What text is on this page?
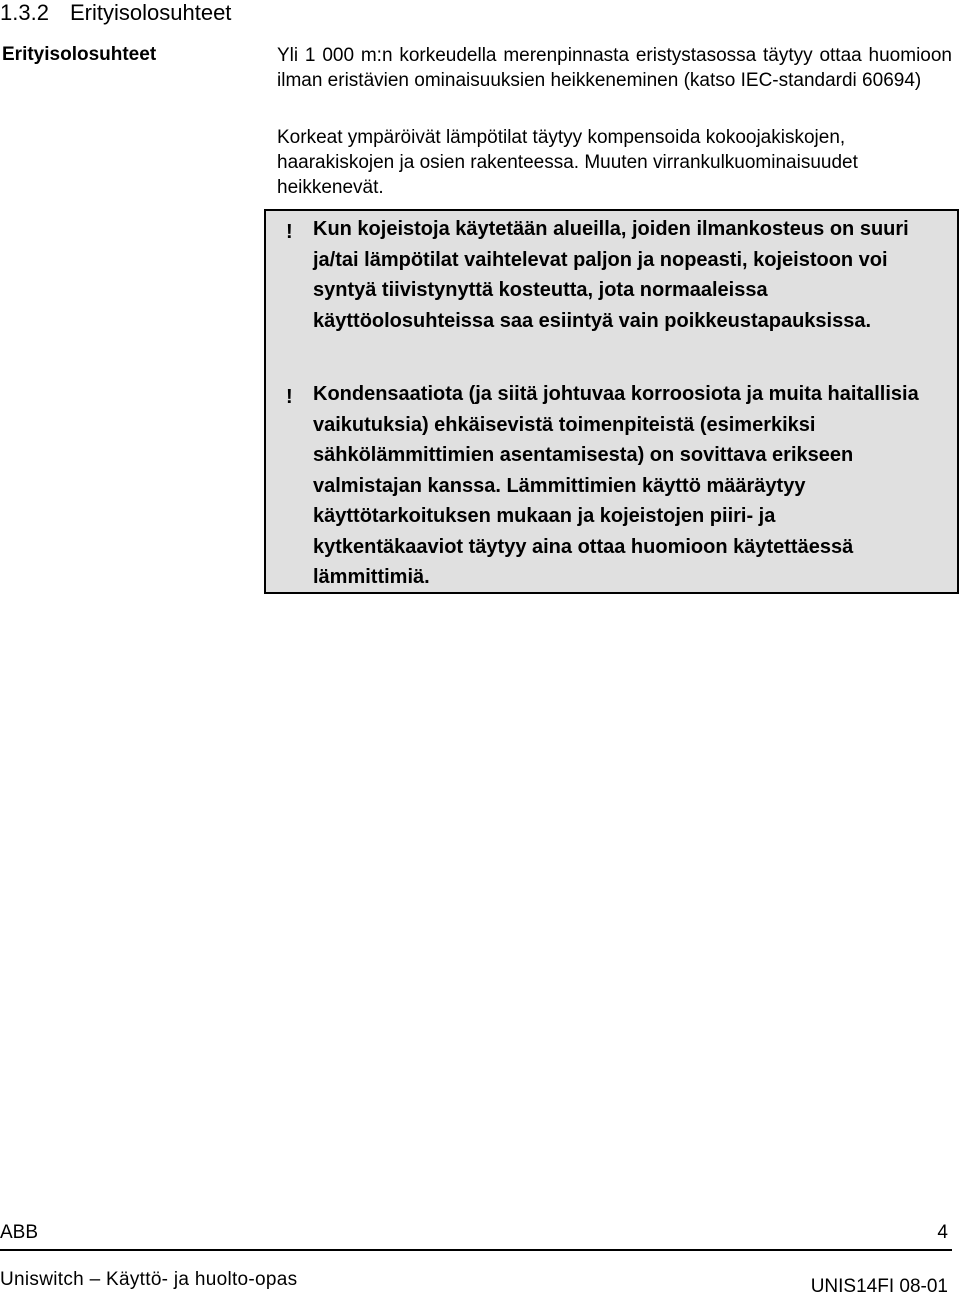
1.3.2 Erityisolosuhteet
Erityisolosuhteet	Yli 1 000 m:n korkeudella merenpinnasta eristystasossa täytyy ottaa huomioon ilman eristävien ominaisuuksien heikkeneminen (katso IEC-standardi 60694)

Korkeat ympäröivät lämpötilat täytyy kompensoida kokoojakiskojen, haarakiskojen ja osien rakenteessa. Muuten virrankulkuominaisuudet heikkenevät.

!	Kun kojeistoja käytetään alueilla, joiden ilmankosteus on suuri ja/tai lämpötilat vaihtelevat paljon ja nopeasti, kojeistoon voi syntyä tiivistynyttä kosteutta, jota normaaleissa käyttöolosuhteissa saa esiintyä vain poikkeustapauksissa.

!	Kondensaatiota (ja siitä johtuvaa korroosiota ja muita haitallisia vaikutuksia) ehkäisevistä toimenpiteistä (esimerkiksi sähkölämmittimien asentamisesta) on sovittava erikseen valmistajan kanssa. Lämmittimien käyttö määräytyy käyttötarkoituksen mukaan ja kojeistojen piiri- ja kytkentäkaaviot täytyy aina ottaa huomioon käytettäessä lämmittimiä.

ABB	4
Uniswitch – Käyttö- ja huolto-opas	UNIS14FI 08-01
